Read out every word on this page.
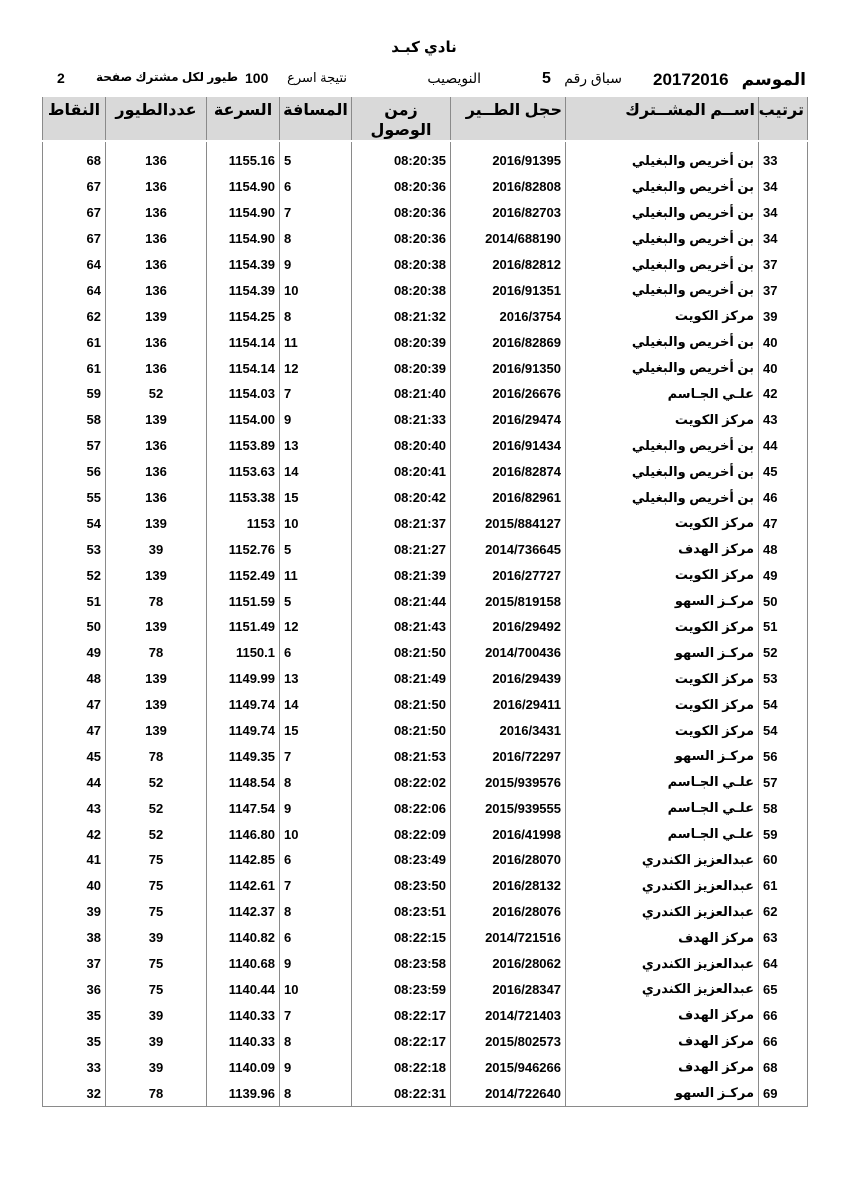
نادي كبـد
الموسم
20172016
سباق رقم
5
النويصيب
نتيجة اسرع
100
طيور لكل مشترك صفحة
2
ترتيب	اســم المشــترك	حجل الطــير	زمن الوصول	المسافة	السرعة	عددالطيور	النقاط
33	بن أخريص والبغيلي	2016/91395	08:20:35	5	1155.16	136	68
34	بن أخريص والبغيلي	2016/82808	08:20:36	6	1154.90	136	67
34	بن أخريص والبغيلي	2016/82703	08:20:36	7	1154.90	136	67
34	بن أخريص والبغيلي	2014/688190	08:20:36	8	1154.90	136	67
37	بن أخريص والبغيلي	2016/82812	08:20:38	9	1154.39	136	64
37	بن أخريص والبغيلي	2016/91351	08:20:38	10	1154.39	136	64
39	مركز الكويت	2016/3754	08:21:32	8	1154.25	139	62
40	بن أخريص والبغيلي	2016/82869	08:20:39	11	1154.14	136	61
40	بن أخريص والبغيلي	2016/91350	08:20:39	12	1154.14	136	61
42	علـي الجـاسم	2016/26676	08:21:40	7	1154.03	52	59
43	مركز الكويت	2016/29474	08:21:33	9	1154.00	139	58
44	بن أخريص والبغيلي	2016/91434	08:20:40	13	1153.89	136	57
45	بن أخريص والبغيلي	2016/82874	08:20:41	14	1153.63	136	56
46	بن أخريص والبغيلي	2016/82961	08:20:42	15	1153.38	136	55
47	مركز الكويت	2015/884127	08:21:37	10	1153	139	54
48	مركز الهدف	2014/736645	08:21:27	5	1152.76	39	53
49	مركز الكويت	2016/27727	08:21:39	11	1152.49	139	52
50	مركـز السهو	2015/819158	08:21:44	5	1151.59	78	51
51	مركز الكويت	2016/29492	08:21:43	12	1151.49	139	50
52	مركـز السهو	2014/700436	08:21:50	6	1150.1	78	49
53	مركز الكويت	2016/29439	08:21:49	13	1149.99	139	48
54	مركز الكويت	2016/29411	08:21:50	14	1149.74	139	47
54	مركز الكويت	2016/3431	08:21:50	15	1149.74	139	47
56	مركـز السهو	2016/72297	08:21:53	7	1149.35	78	45
57	علـي الجـاسم	2015/939576	08:22:02	8	1148.54	52	44
58	علـي الجـاسم	2015/939555	08:22:06	9	1147.54	52	43
59	علـي الجـاسم	2016/41998	08:22:09	10	1146.80	52	42
60	عبدالعزيز الكندري	2016/28070	08:23:49	6	1142.85	75	41
61	عبدالعزيز الكندري	2016/28132	08:23:50	7	1142.61	75	40
62	عبدالعزيز الكندري	2016/28076	08:23:51	8	1142.37	75	39
63	مركز الهدف	2014/721516	08:22:15	6	1140.82	39	38
64	عبدالعزيز الكندري	2016/28062	08:23:58	9	1140.68	75	37
65	عبدالعزيز الكندري	2016/28347	08:23:59	10	1140.44	75	36
66	مركز الهدف	2014/721403	08:22:17	7	1140.33	39	35
66	مركز الهدف	2015/802573	08:22:17	8	1140.33	39	35
68	مركز الهدف	2015/946266	08:22:18	9	1140.09	39	33
69	مركـز السهو	2014/722640	08:22:31	8	1139.96	78	32
